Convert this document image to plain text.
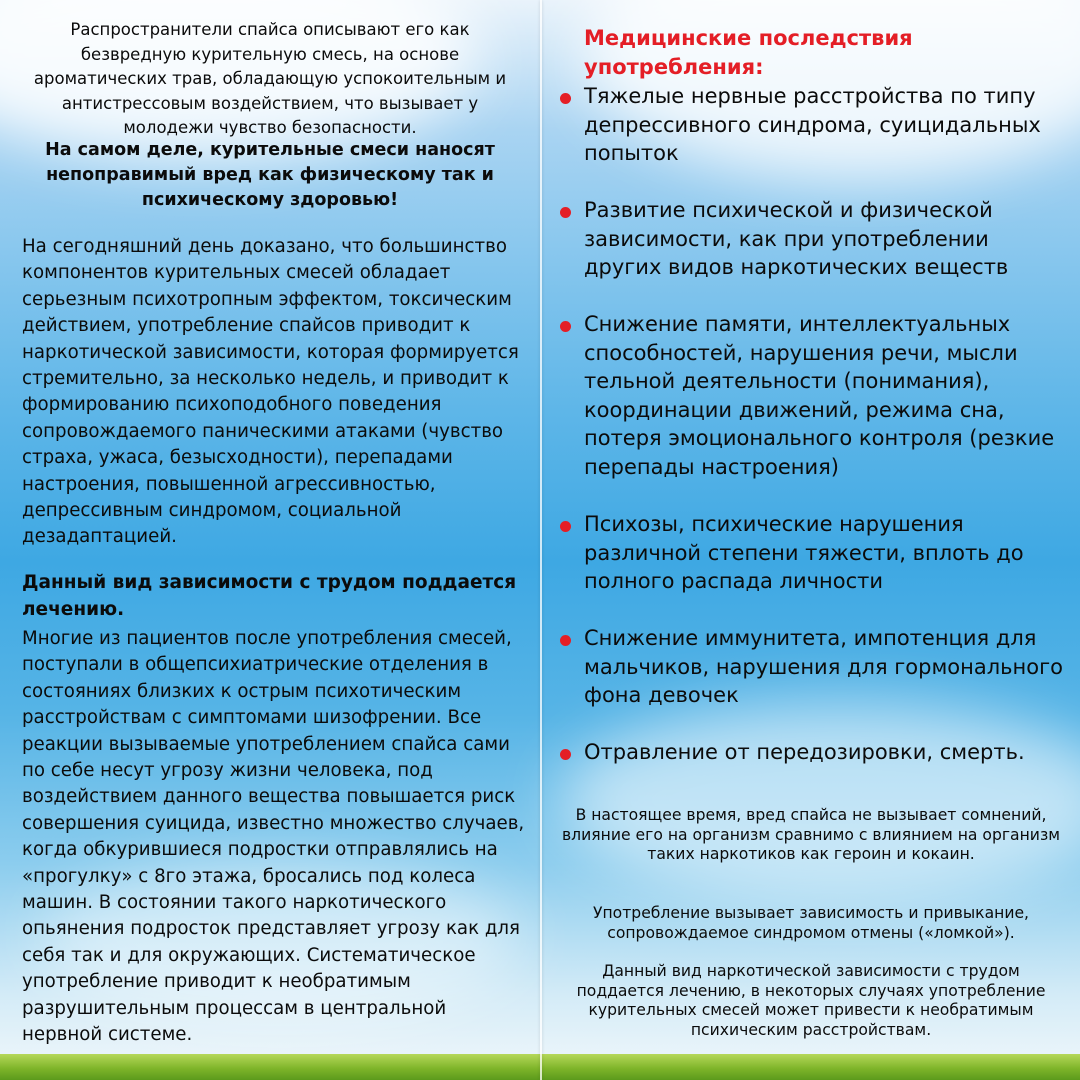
Распространители спайса описывают его как безвредную курительную смесь, на основе ароматических трав, обладающую успокоительным и антистрессовым воздействием, что вызывает у молодежи чувство безопасности.

На самом деле, курительные смеси наносят непоправимый вред как физическому так и психическому здоровью!

На сегодняшний день доказано, что большинство компонентов курительных смесей обладает серьезным психотропным эффектом, токсическим действием, употребление спайсов приводит к наркотической зависимости, которая формируется стремительно, за несколько недель, и приводит к формированию психоподобного поведения сопровождаемого паническими атаками (чувство страха, ужаса, безысходности), перепадами настроения, повышенной агрессивностью, депрессивным синдромом, социальной дезадаптацией.

Данный вид зависимости с трудом поддается лечению.

Многие из пациентов после употребления смесей, поступали в общепсихиатрические отделения в состояниях близких к острым психотическим расстройствам с симптомами шизофрении. Все реакции вызываемые употреблением спайса сами по себе несут угрозу жизни человека, под воздействием данного вещества повышается риск совершения суицида, известно множество случаев, когда обкурившиеся подростки отправлялись на «прогулку» с 8го этажа, бросались под колеса машин. В состоянии такого наркотического опьянения подросток представляет угрозу как для себя так и для окружающих. Систематическое употребление приводит к необратимым разрушительным процессам в центральной нервной системе.

Медицинские последствия употребления:
Тяжелые нервные расстройства по типу депрессивного синдрома, суицидальных попыток
Развитие психической и физической зависимости, как при употреблении других видов наркотических веществ
Снижение памяти, интеллектуальных способностей, нарушения речи, мысли тельной деятельности (понимания), координации движений, режима сна, потеря эмоционального контроля (резкие перепады настроения)
Психозы, психические нарушения различной степени тяжести, вплоть до полного распада личности
Снижение иммунитета, импотенция для мальчиков, нарушения для гормонального фона девочек
Отравление от передозировки, смерть.

В настоящее время, вред спайса не вызывает сомнений, влияние его на организм сравнимо с влиянием на организм таких наркотиков как героин и кокаин.

Употребление вызывает зависимость и привыкание, сопровождаемое синдромом отмены («ломкой»).

Данный вид наркотической зависимости с трудом поддается лечению, в некоторых случаях употребление курительных смесей может привести к необратимым психическим расстройствам.
